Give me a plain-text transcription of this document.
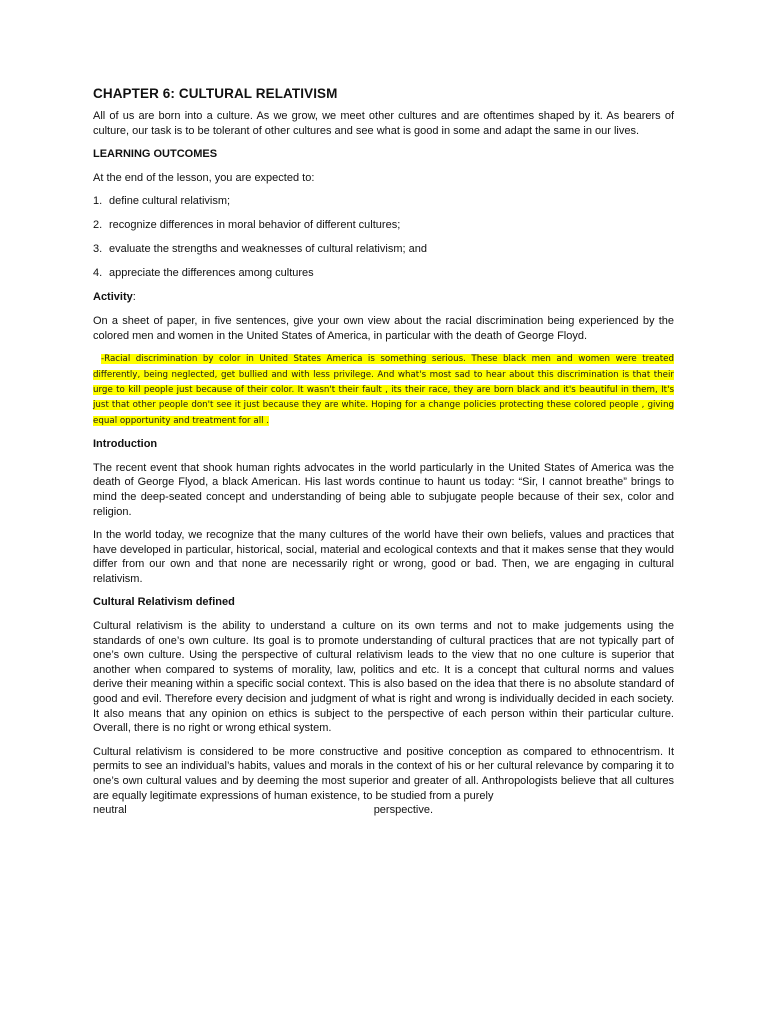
CHAPTER 6: CULTURAL RELATIVISM

All of us are born into a culture. As we grow, we meet other cultures and are oftentimes shaped by it. As bearers of culture, our task is to be tolerant of other cultures and see what is good in some and adapt the same in our lives.

LEARNING OUTCOMES

At the end of the lesson, you are expected to:

1. define cultural relativism;
2. recognize differences in moral behavior of different cultures;
3. evaluate the strengths and weaknesses of cultural relativism; and
4. appreciate the differences among cultures
Activity:

On a sheet of paper, in five sentences, give your own view about the racial discrimination being experienced by the colored men and women in the United States of America, in particular with the death of George Floyd.

-Racial discrimination by color in United States America is something serious. These black men and women were treated differently, being neglected, get bullied and with less privilege. And what's most sad to hear about this discrimination is that their urge to kill people just because of their color. It wasn't their fault , its their race, they are born black and it's beautiful in them, It's just that other people don't see it just because they are white. Hoping for a change policies protecting these colored people , giving equal opportunity and treatment for all .
Introduction

The recent event that shook human rights advocates in the world particularly in the United States of America was the death of George Flyod, a black American. His last words continue to haunt us today: “Sir, I cannot breathe” brings to mind the deep-seated concept and understanding of being able to subjugate people because of their sex, color and religion.

In the world today, we recognize that the many cultures of the world have their own beliefs, values and practices that have developed in particular, historical, social, material and ecological contexts and that it makes sense that they would differ from our own and that none are necessarily right or wrong, good or bad. Then, we are engaging in cultural relativism.

Cultural Relativism defined

Cultural relativism is the ability to understand a culture on its own terms and not to make judgements using the standards of one’s own culture. Its goal is to promote understanding of cultural practices that are not typically part of one’s own culture. Using the perspective of cultural relativism leads to the view that no one culture is superior that another when compared to systems of morality, law, politics and etc. It is a concept that cultural norms and values derive their meaning within a specific social context. This is also based on the idea that there is no absolute standard of good and evil. Therefore every decision and judgment of what is right and wrong is individually decided in each society. It also means that any opinion on ethics is subject to the perspective of each person within their particular culture. Overall, there is no right or wrong ethical system.

Cultural relativism is considered to be more constructive and positive conception as compared to ethnocentrism. It permits to see an individual’s habits, values and morals in the context of his or her cultural relevance by comparing it to one’s own cultural values and by deeming the most superior and greater of all. Anthropologists believe that all cultures are equally legitimate expressions of human existence, to be studied from a purely

neutral	perspective.
